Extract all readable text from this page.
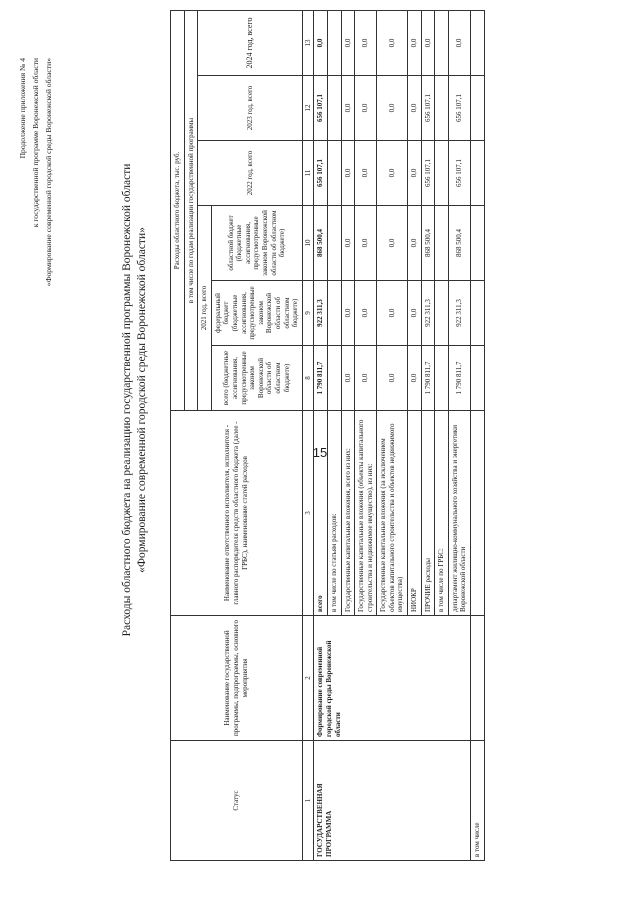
15
Продолжение приложения № 4 к государственной программе Воронежской области «Формирование современной городской среды Воронежской области»	Расходы областного бюджета на реализацию государственной программы Воронежской области «Формирование современной городской среды Воронежской области»
Статус	Наименование государственной программы, подпрограммы, основного мероприятия	Наименование ответственного исполнителя, исполнителя - главного распорядителя средств областного бюджета (далее - ГРБС), наименование статей расходов	Расходы областного бюджета, тыс. руб.					
			в том числе по годам реализации государственной программы					
			2021 год, всего			2022 год, всего	2023 год, всего	2024 год, всего
			всего (бюджетные ассигнования, предусмотренные законом Воронежской области об областном бюджете)	федеральный бюджет (бюджетные ассигнования, предусмотренные законом Воронежской области об областном бюджете)	областной бюджет (бюджетные ассигнования, предусмотренные законом Воронежской области об областном бюджете)			
1	2	3	8	9	10	11	12	13
ГОСУДАРСТВЕННАЯ ПРОГРАММА	Формирование современной городской среды Воронежской области	всего	1 790 811,7	922 311,3	868 500,4	656 107,1	656 107,1	0,0
		в том числе по статьям расходов:						
		Государственные капитальные вложения, всего из них:	0,0	0,0	0,0	0,0	0,0	0,0
		Государственные капитальные вложения (объекты капитального строительства и недвижимое имущество), из них:	0,0	0,0	0,0	0,0	0,0	0,0
		Государственные капитальные вложения (за исключением объектов капитального строительства и объектов недвижимого имущества)	0,0	0,0	0,0	0,0	0,0	0,0
		НИОКР	0,0	0,0	0,0	0,0	0,0	0,0
		ПРОЧИЕ расходы	1 790 811,7	922 311,3	868 500,4	656 107,1	656 107,1	0,0
		в том числе по ГРБС:						
		департамент жилищно-коммунального хозяйства и энергетики Воронежской области	1 790 811,7	922 311,3	868 500,4	656 107,1	656 107,1	0,0
в том числе								
